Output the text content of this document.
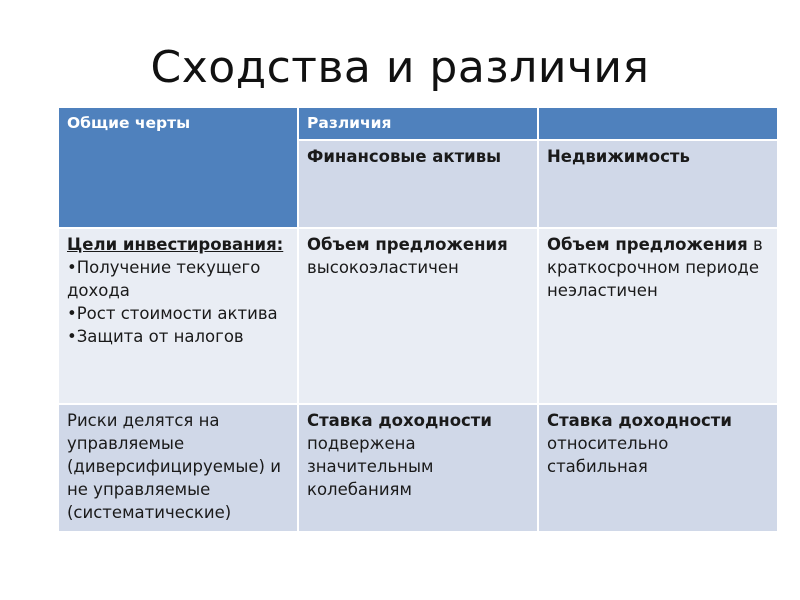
Сходства и различия
Общие черты	Различия	
	Финансовые активы	Недвижимость

Цели инвестирования:
•Получение текущего дохода
•Рост стоимости актива
•Защита от налогов	Объем предложения высокоэластичен	Объем предложения в краткосрочном периоде неэластичен
Риски делятся на управляемые (диверсифицируемые) и не управляемые (систематические)	Ставка доходности подвержена значительным колебаниям	Ставка доходности относительно стабильная
